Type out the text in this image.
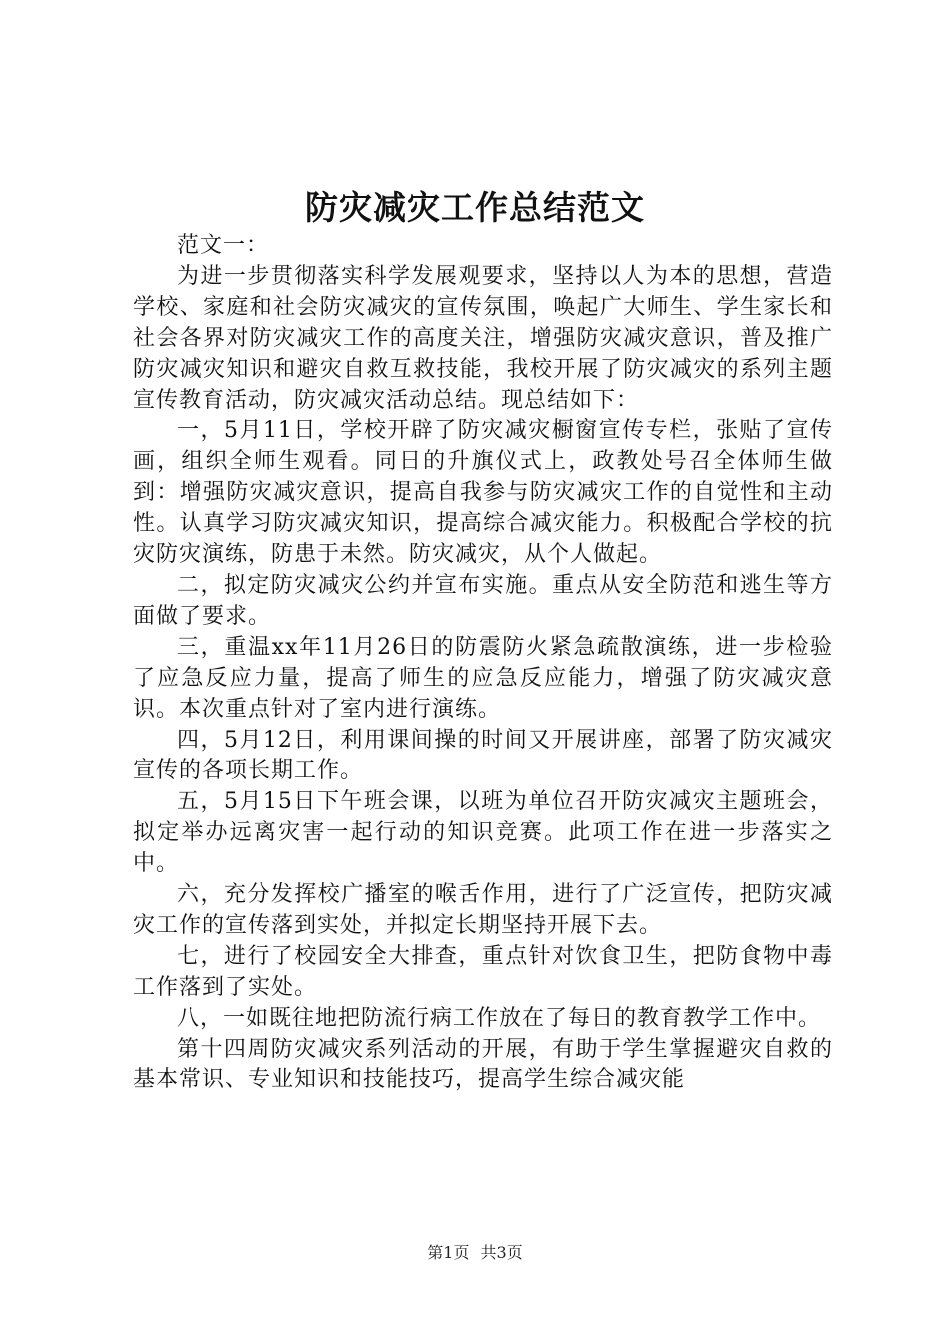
防灾减灾工作总结范文

范文一：

为进一步贯彻落实科学发展观要求，坚持以人为本的思想，营造学校、家庭和社会防灾减灾的宣传氛围，唤起广大师生、学生家长和社会各界对防灾减灾工作的高度关注，增强防灾减灾意识，普及推广防灾减灾知识和避灾自救互救技能，我校开展了防灾减灾的系列主题宣传教育活动，防灾减灾活动总结。现总结如下：

一，5月11日，学校开辟了防灾减灾橱窗宣传专栏，张贴了宣传画，组织全师生观看。同日的升旗仪式上，政教处号召全体师生做到：增强防灾减灾意识，提高自我参与防灾减灾工作的自觉性和主动性。认真学习防灾减灾知识，提高综合减灾能力。积极配合学校的抗灾防灾演练，防患于未然。防灾减灾，从个人做起。

二，拟定防灾减灾公约并宣布实施。重点从安全防范和逃生等方面做了要求。

三，重温xx年11月26日的防震防火紧急疏散演练，进一步检验了应急反应力量，提高了师生的应急反应能力，增强了防灾减灾意识。本次重点针对了室内进行演练。

四，5月12日，利用课间操的时间又开展讲座，部署了防灾减灾宣传的各项长期工作。

五，5月15日下午班会课，以班为单位召开防灾减灾主题班会，拟定举办远离灾害一起行动的知识竞赛。此项工作在进一步落实之中。

六，充分发挥校广播室的喉舌作用，进行了广泛宣传，把防灾减灾工作的宣传落到实处，并拟定长期坚持开展下去。

七，进行了校园安全大排查，重点针对饮食卫生，把防食物中毒工作落到了实处。

八，一如既往地把防流行病工作放在了每日的教育教学工作中。

第十四周防灾减灾系列活动的开展，有助于学生掌握避灾自救的基本常识、专业知识和技能技巧，提高学生综合减灾能

第1页 共3页
